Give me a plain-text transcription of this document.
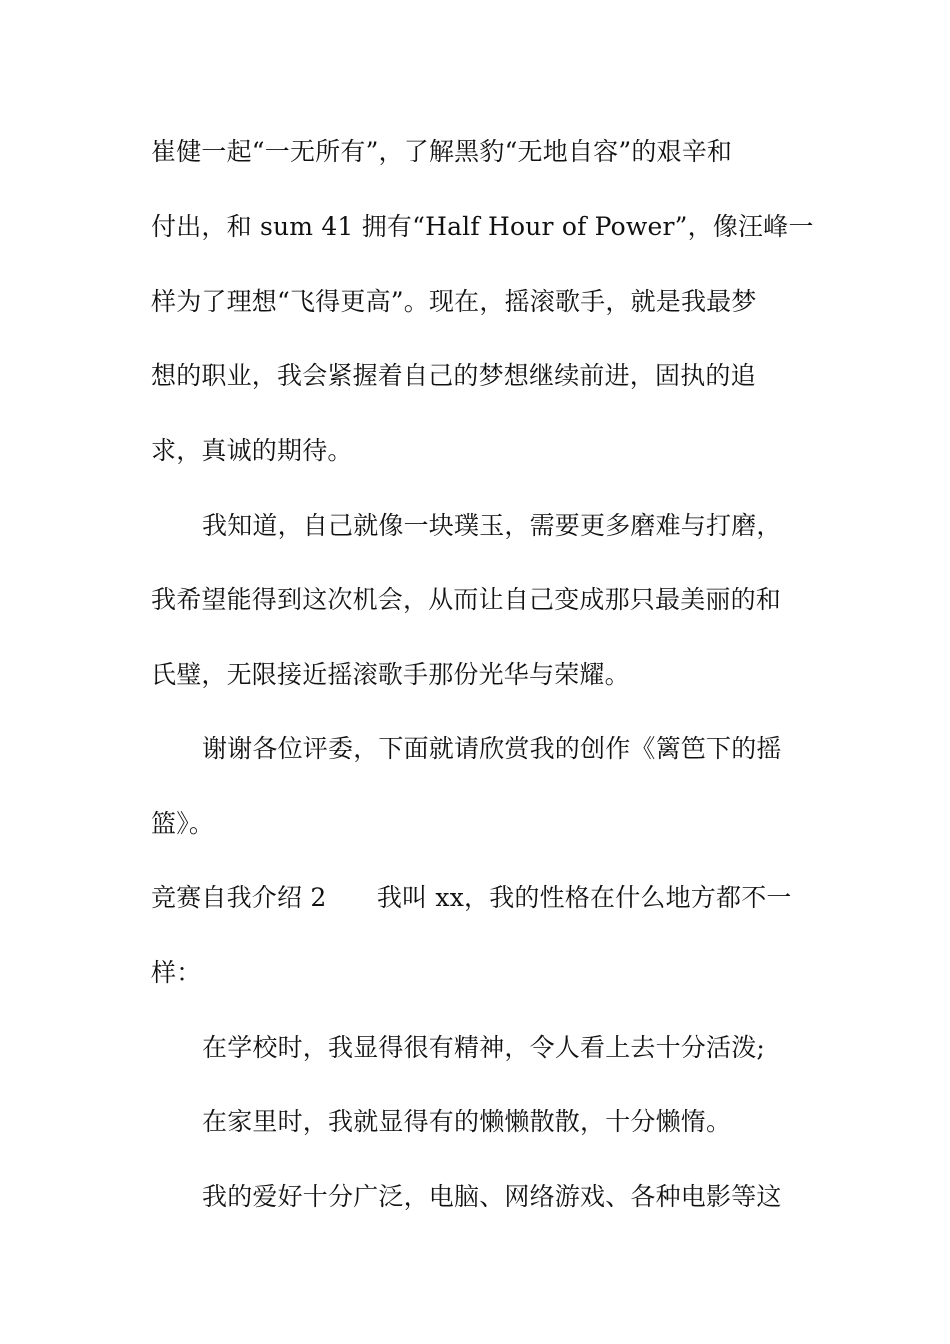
崔健一起“一无所有”，了解黑豹“无地自容”的艰辛和
付出，和 sum 41 拥有“Half Hour of Power”，像汪峰一
样为了理想“飞得更高”。现在，摇滚歌手，就是我最梦
想的职业，我会紧握着自己的梦想继续前进，固执的追
求，真诚的期待。
我知道，自己就像一块璞玉，需要更多磨难与打磨，
我希望能得到这次机会，从而让自己变成那只最美丽的和
氏璧，无限接近摇滚歌手那份光华与荣耀。
谢谢各位评委，下面就请欣赏我的创作《篱笆下的摇
篮》。
竞赛自我介绍 2　　我叫 xx，我的性格在什么地方都不一
样：
在学校时，我显得很有精神，令人看上去十分活泼;
在家里时，我就显得有的懒懒散散，十分懒惰。
我的爱好十分广泛，电脑、网络游戏、各种电影等这
